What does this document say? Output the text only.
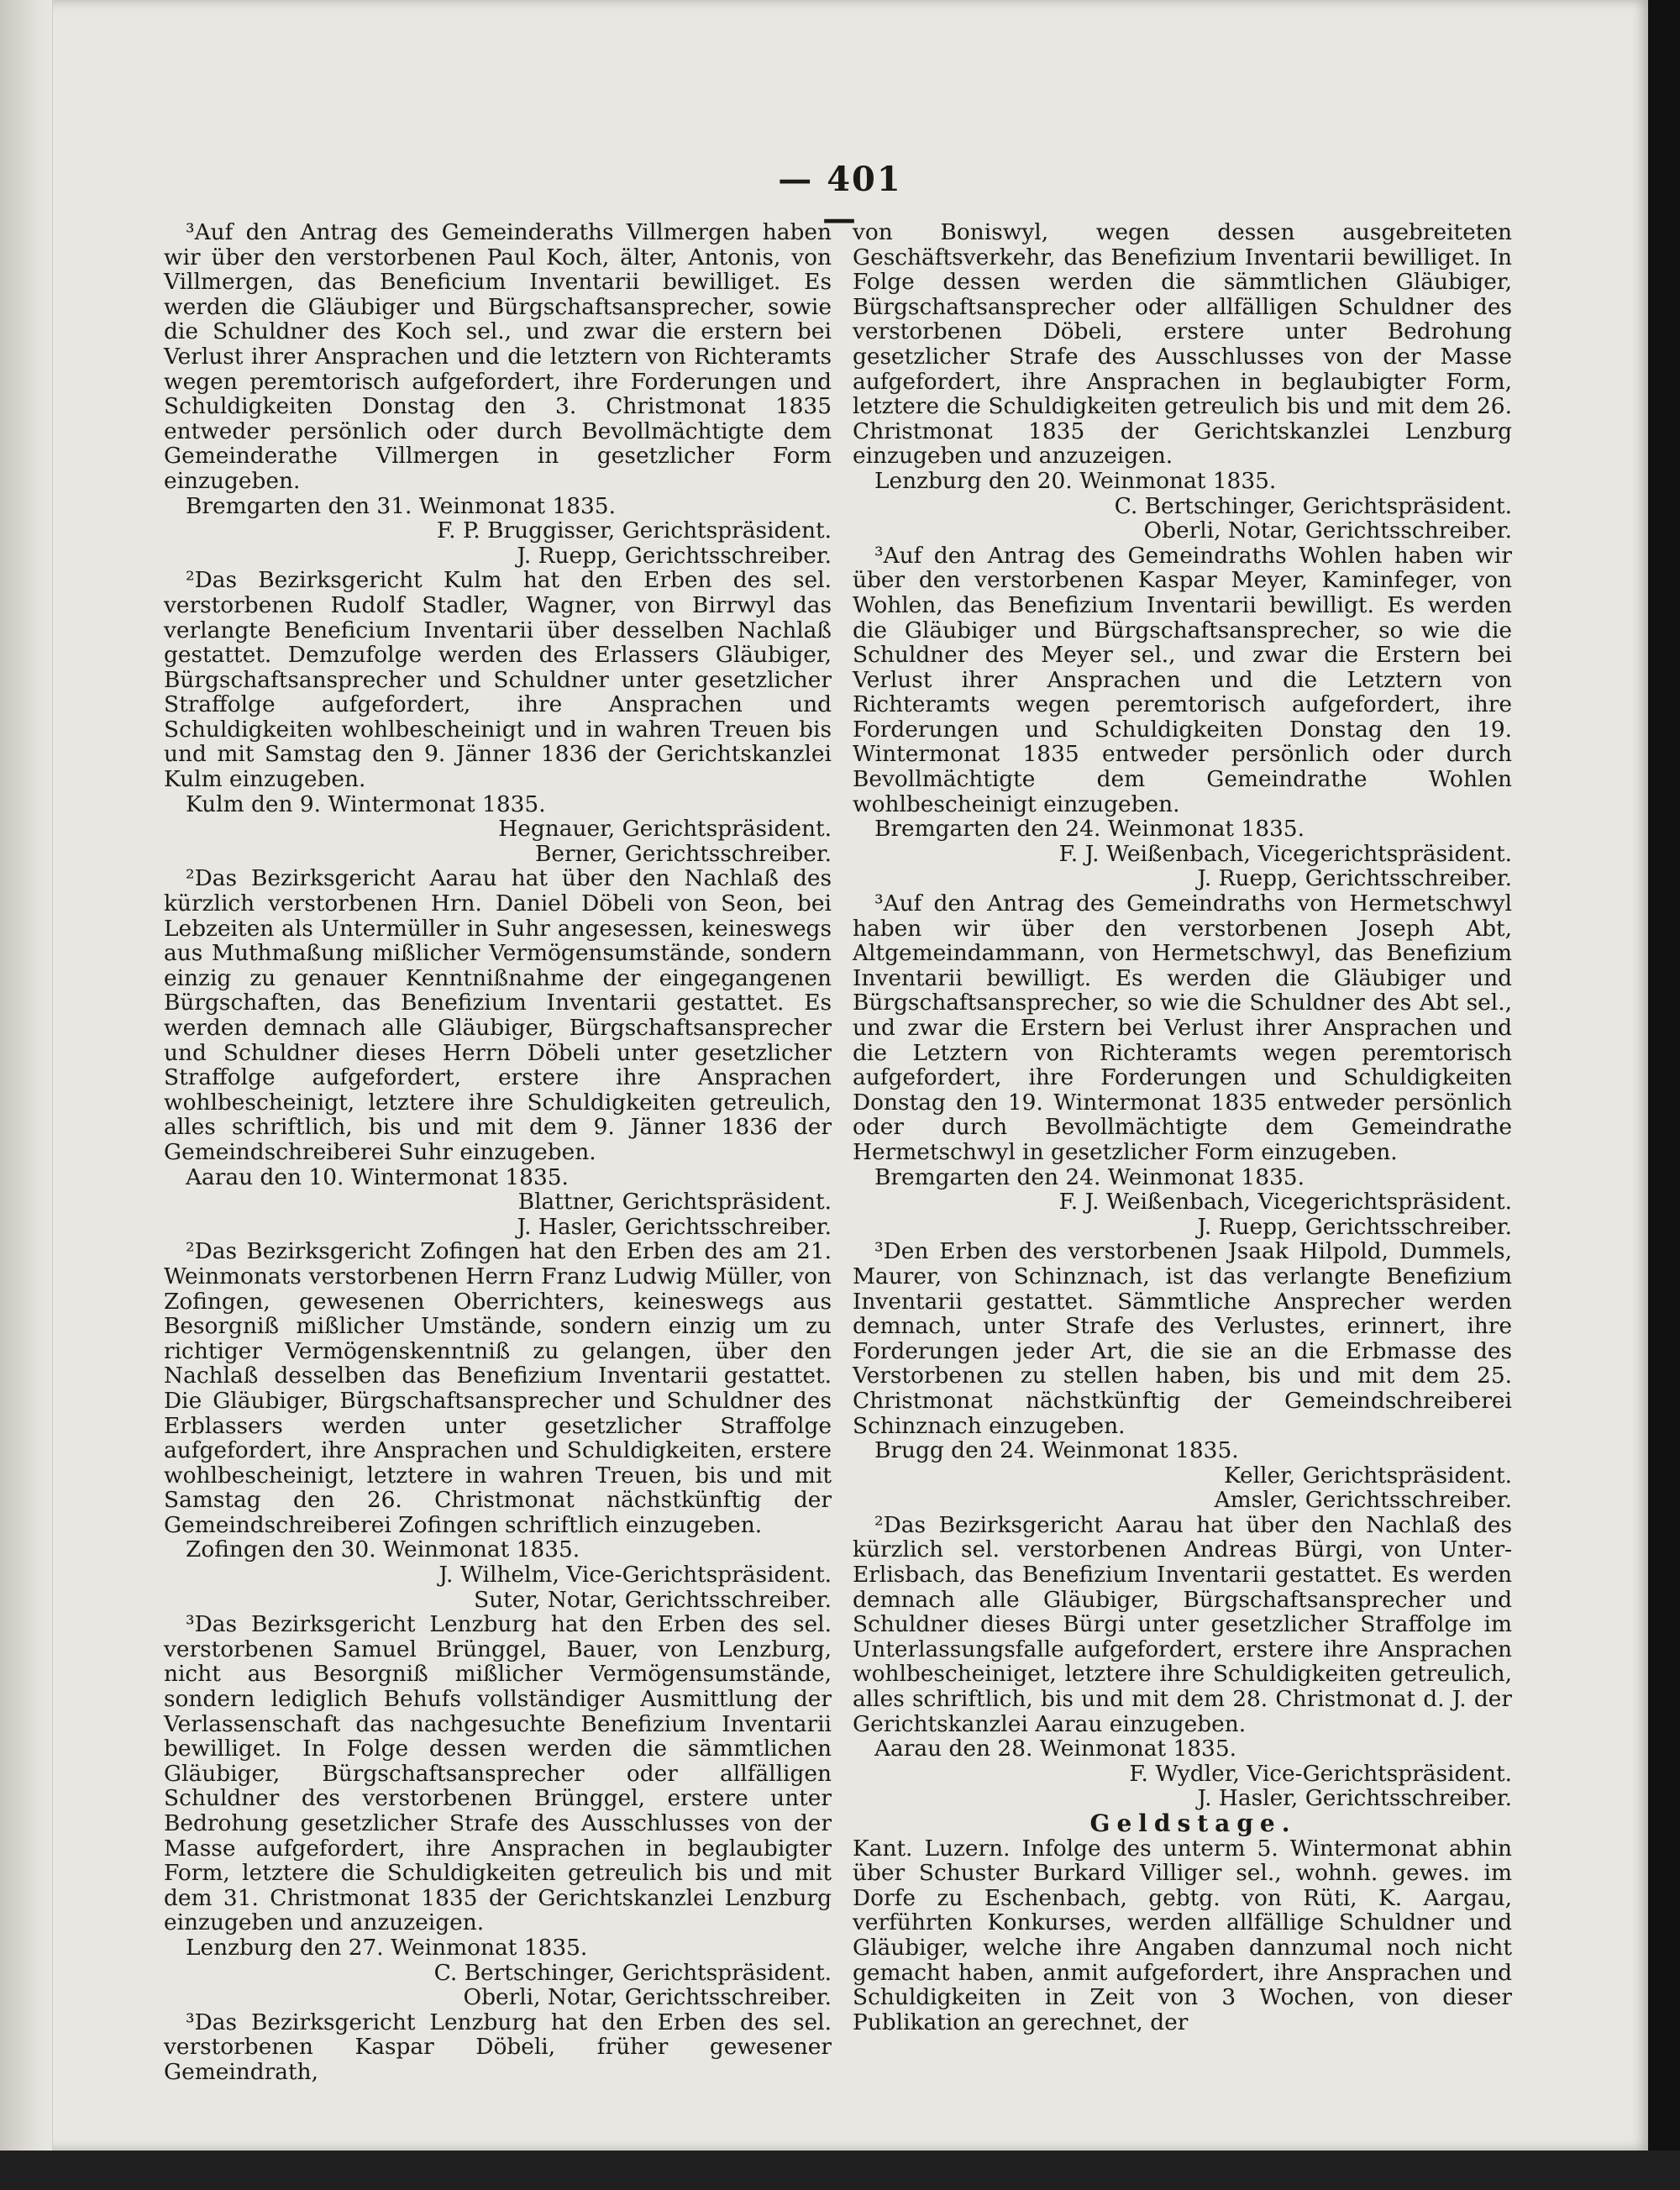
— 401 —

³Auf den Antrag des Gemeinderaths Villmergen haben wir über den verstorbenen Paul Koch, älter, Antonis, von Villmergen, das Beneficium Inventarii bewilliget. Es werden die Gläubiger und Bürgschaftsansprecher, sowie die Schuldner des Koch sel., und zwar die erstern bei Verlust ihrer Ansprachen und die letztern von Richteramts wegen peremtorisch aufgefordert, ihre Forderungen und Schuldigkeiten Donstag den 3. Christmonat 1835 entweder persönlich oder durch Bevollmächtigte dem Gemeinderathe Villmergen in gesetzlicher Form einzugeben.

Bremgarten den 31. Weinmonat 1835.

F. P. Bruggisser, Gerichtspräsident.

J. Ruepp, Gerichtsschreiber.

²Das Bezirksgericht Kulm hat den Erben des sel. verstorbenen Rudolf Stadler, Wagner, von Birrwyl das verlangte Beneficium Inventarii über desselben Nachlaß gestattet. Demzufolge werden des Erlassers Gläubiger, Bürgschaftsansprecher und Schuldner unter gesetzlicher Straffolge aufgefordert, ihre Ansprachen und Schuldigkeiten wohlbescheinigt und in wahren Treuen bis und mit Samstag den 9. Jänner 1836 der Gerichtskanzlei Kulm einzugeben.

Kulm den 9. Wintermonat 1835.

Hegnauer, Gerichtspräsident.

Berner, Gerichtsschreiber.

²Das Bezirksgericht Aarau hat über den Nachlaß des kürzlich verstorbenen Hrn. Daniel Döbeli von Seon, bei Lebzeiten als Untermüller in Suhr angesessen, keineswegs aus Muthmaßung mißlicher Vermögensumstände, sondern einzig zu genauer Kenntnißnahme der eingegangenen Bürgschaften, das Benefizium Inventarii gestattet. Es werden demnach alle Gläubiger, Bürgschaftsansprecher und Schuldner dieses Herrn Döbeli unter gesetzlicher Straffolge aufgefordert, erstere ihre Ansprachen wohlbescheinigt, letztere ihre Schuldigkeiten getreulich, alles schriftlich, bis und mit dem 9. Jänner 1836 der Gemeindschreiberei Suhr einzugeben.

Aarau den 10. Wintermonat 1835.

Blattner, Gerichtspräsident.

J. Hasler, Gerichtsschreiber.

²Das Bezirksgericht Zofingen hat den Erben des am 21. Weinmonats verstorbenen Herrn Franz Ludwig Müller, von Zofingen, gewesenen Oberrichters, keineswegs aus Besorgniß mißlicher Umstände, sondern einzig um zu richtiger Vermögenskenntniß zu gelangen, über den Nachlaß desselben das Benefizium Inventarii gestattet. Die Gläubiger, Bürgschaftsansprecher und Schuldner des Erblassers werden unter gesetzlicher Straffolge aufgefordert, ihre Ansprachen und Schuldigkeiten, erstere wohlbescheinigt, letztere in wahren Treuen, bis und mit Samstag den 26. Christmonat nächstkünftig der Gemeindschreiberei Zofingen schriftlich einzugeben.

Zofingen den 30. Weinmonat 1835.

J. Wilhelm, Vice-Gerichtspräsident.

Suter, Notar, Gerichtsschreiber.

³Das Bezirksgericht Lenzburg hat den Erben des sel. verstorbenen Samuel Brünggel, Bauer, von Lenzburg, nicht aus Besorgniß mißlicher Vermögensumstände, sondern lediglich Behufs vollständiger Ausmittlung der Verlassenschaft das nachgesuchte Benefizium Inventarii bewilliget. In Folge dessen werden die sämmtlichen Gläubiger, Bürgschaftsansprecher oder allfälligen Schuldner des verstorbenen Brünggel, erstere unter Bedrohung gesetzlicher Strafe des Ausschlusses von der Masse aufgefordert, ihre Ansprachen in beglaubigter Form, letztere die Schuldigkeiten getreulich bis und mit dem 31. Christmonat 1835 der Gerichtskanzlei Lenzburg einzugeben und anzuzeigen.

Lenzburg den 27. Weinmonat 1835.

C. Bertschinger, Gerichtspräsident.

Oberli, Notar, Gerichtsschreiber.

³Das Bezirksgericht Lenzburg hat den Erben des sel. verstorbenen Kaspar Döbeli, früher gewesener Gemeindrath,

von Boniswyl, wegen dessen ausgebreiteten Geschäftsverkehr, das Benefizium Inventarii bewilliget. In Folge dessen werden die sämmtlichen Gläubiger, Bürgschaftsansprecher oder allfälligen Schuldner des verstorbenen Döbeli, erstere unter Bedrohung gesetzlicher Strafe des Ausschlusses von der Masse aufgefordert, ihre Ansprachen in beglaubigter Form, letztere die Schuldigkeiten getreulich bis und mit dem 26. Christmonat 1835 der Gerichtskanzlei Lenzburg einzugeben und anzuzeigen.

Lenzburg den 20. Weinmonat 1835.

C. Bertschinger, Gerichtspräsident.

Oberli, Notar, Gerichtsschreiber.

³Auf den Antrag des Gemeindraths Wohlen haben wir über den verstorbenen Kaspar Meyer, Kaminfeger, von Wohlen, das Benefizium Inventarii bewilligt. Es werden die Gläubiger und Bürgschaftsansprecher, so wie die Schuldner des Meyer sel., und zwar die Erstern bei Verlust ihrer Ansprachen und die Letztern von Richteramts wegen peremtorisch aufgefordert, ihre Forderungen und Schuldigkeiten Donstag den 19. Wintermonat 1835 entweder persönlich oder durch Bevollmächtigte dem Gemeindrathe Wohlen wohlbescheinigt einzugeben.

Bremgarten den 24. Weinmonat 1835.

F. J. Weißenbach, Vicegerichtspräsident.

J. Ruepp, Gerichtsschreiber.

³Auf den Antrag des Gemeindraths von Hermetschwyl haben wir über den verstorbenen Joseph Abt, Altgemeindammann, von Hermetschwyl, das Benefizium Inventarii bewilligt. Es werden die Gläubiger und Bürgschaftsansprecher, so wie die Schuldner des Abt sel., und zwar die Erstern bei Verlust ihrer Ansprachen und die Letztern von Richteramts wegen peremtorisch aufgefordert, ihre Forderungen und Schuldigkeiten Donstag den 19. Wintermonat 1835 entweder persönlich oder durch Bevollmächtigte dem Gemeindrathe Hermetschwyl in gesetzlicher Form einzugeben.

Bremgarten den 24. Weinmonat 1835.

F. J. Weißenbach, Vicegerichtspräsident.

J. Ruepp, Gerichtsschreiber.

³Den Erben des verstorbenen Jsaak Hilpold, Dummels, Maurer, von Schinznach, ist das verlangte Benefizium Inventarii gestattet. Sämmtliche Ansprecher werden demnach, unter Strafe des Verlustes, erinnert, ihre Forderungen jeder Art, die sie an die Erbmasse des Verstorbenen zu stellen haben, bis und mit dem 25. Christmonat nächstkünftig der Gemeindschreiberei Schinznach einzugeben.

Brugg den 24. Weinmonat 1835.

Keller, Gerichtspräsident.

Amsler, Gerichtsschreiber.

²Das Bezirksgericht Aarau hat über den Nachlaß des kürzlich sel. verstorbenen Andreas Bürgi, von Unter-Erlisbach, das Benefizium Inventarii gestattet. Es werden demnach alle Gläubiger, Bürgschaftsansprecher und Schuldner dieses Bürgi unter gesetzlicher Straffolge im Unterlassungsfalle aufgefordert, erstere ihre Ansprachen wohlbescheiniget, letztere ihre Schuldigkeiten getreulich, alles schriftlich, bis und mit dem 28. Christmonat d. J. der Gerichtskanzlei Aarau einzugeben.

Aarau den 28. Weinmonat 1835.

F. Wydler, Vice-Gerichtspräsident.

J. Hasler, Gerichtsschreiber.

Geldstage.

Kant. Luzern. Infolge des unterm 5. Wintermonat abhin über Schuster Burkard Villiger sel., wohnh. gewes. im Dorfe zu Eschenbach, gebtg. von Rüti, K. Aargau, verführten Konkurses, werden allfällige Schuldner und Gläubiger, welche ihre Angaben dannzumal noch nicht gemacht haben, anmit aufgefordert, ihre Ansprachen und Schuldigkeiten in Zeit von 3 Wochen, von dieser Publikation an gerechnet, der
